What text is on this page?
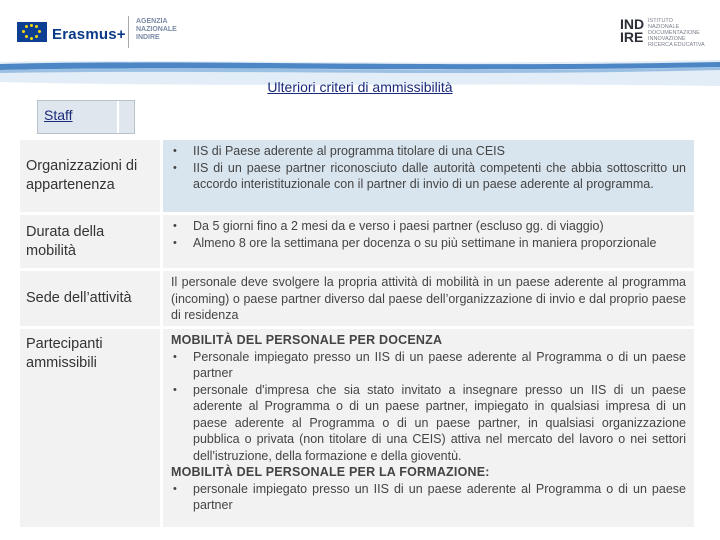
Erasmus+
AGENZIA
NAZIONALE
INDIRE
IND
IRE
ISTITUTO
NAZIONALE
DOCUMENTAZIONE
INNOVAZIONE
RICERCA EDUCATIVA
Ulteriori criteri di ammissibilità
Staff
Organizzazioni di appartenenza
• IIS di Paese aderente al programma titolare di una CEIS
• IIS di un paese partner riconosciuto dalle autorità competenti che abbia sottoscritto un accordo interistituzionale con il partner di invio di un paese aderente al programma.
Durata della mobilità
• Da 5 giorni fino a 2 mesi da e verso i paesi partner (escluso gg. di viaggio)
• Almeno 8 ore la settimana per docenza o su più settimane in maniera proporzionale
Sede dell’attività
Il personale deve svolgere la propria attività di mobilità in un paese aderente al programma (incoming) o paese partner diverso dal paese dell’organizzazione di invio e dal proprio paese di residenza
Partecipanti ammissibili
MOBILITÀ DEL PERSONALE PER DOCENZA
• Personale impiegato presso un IIS di un paese aderente al Programma o di un paese partner
• personale d'impresa che sia stato invitato a insegnare presso un IIS di un paese aderente al Programma o di un paese partner, impiegato in qualsiasi impresa di un paese aderente al Programma o di un paese partner, in qualsiasi organizzazione pubblica o privata (non titolare di una CEIS) attiva nel mercato del lavoro o nei settori dell'istruzione, della formazione e della gioventù.
MOBILITÀ DEL PERSONALE PER LA FORMAZIONE:
• personale impiegato presso un IIS di un paese aderente al Programma o di un paese partner
